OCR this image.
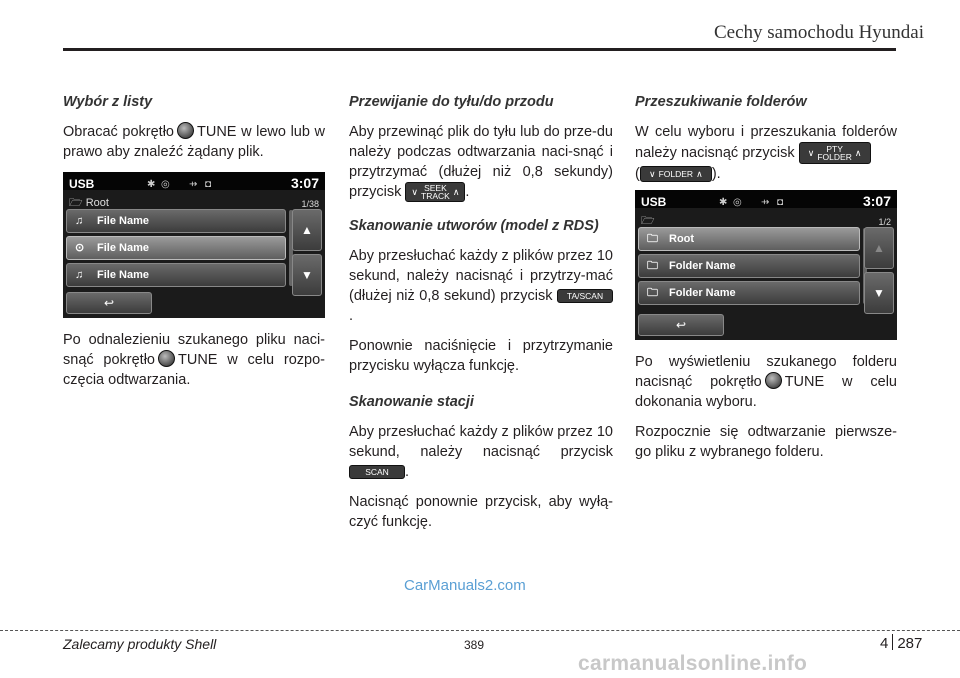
Cechy samochodu Hyundai
Wybór z listy
Obracać pokrętło TUNE w lewo lub w prawo aby znaleźć żądany plik.
USB	✱ ◎ ⇸ ◘	3:07
🗁 Root	1/38
♫	File Name
⊙	File Name
♫	File Name
▲
▼
↩
Po odnalezieniu szukanego pliku naci-snąć pokrętło TUNE w celu rozpo-częcia odtwarzania.
Przewijanie do tyłu/do przodu
Aby przewinąć plik do tyłu lub do prze-du należy podczas odtwarzania naci-snąć i przytrzymać (dłużej niż 0,8 sekundy) przycisk ∨ SEEK
TRACK ∧ .
Skanowanie utworów (model z RDS)
Aby przesłuchać każdy z plików przez 10 sekund, należy nacisnąć i przytrzy-mać (dłużej niż 0,8 sekund) przycisk TA/SCAN.
Ponownie naciśnięcie i przytrzymanie przycisku wyłącza funkcję.
Skanowanie stacji
Aby przesłuchać każdy z plików przez 10 sekund, należy nacisnąć przycisk SCAN .
Nacisnąć ponownie przycisk, aby wyłą-czyć funkcję.
Przeszukiwanie folderów
W celu wyboru i przeszukania folderów należy nacisnąć przycisk ∨	PTY
FOLDER ∧

( ∨ FOLDER ∧ ).
USB	✱ ◎ ⇸ ◘	3:07
🗁	1/2
🗀	Root
🗀	Folder Name
🗀	Folder Name
▲
▼
↩
Po wyświetleniu szukanego folderu nacisnąć pokrętło TUNE w celu dokonania wyboru.
Rozpocznie się odtwarzanie pierwsze-go pliku z wybranego folderu.
CarManuals2.com
Zalecamy produkty Shell	389	4 287
carmanualsonline.info
